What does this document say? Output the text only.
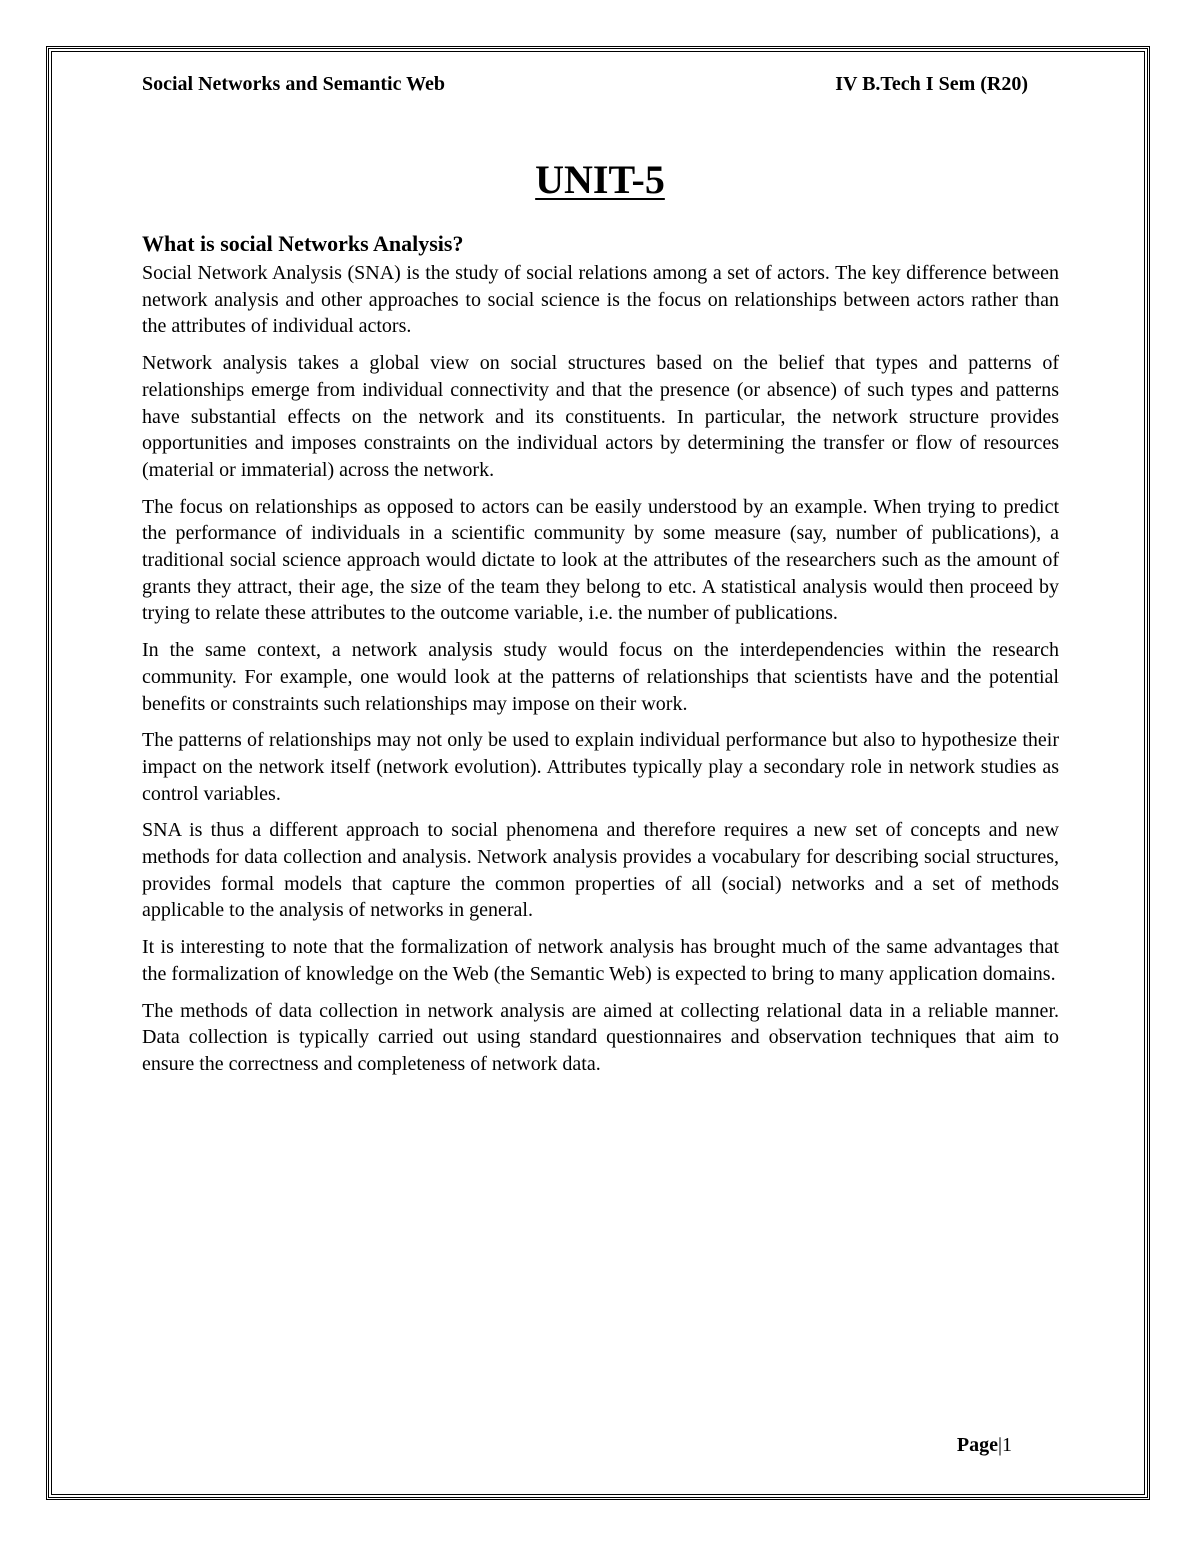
Social Networks and Semantic Web	IV B.Tech I Sem (R20)
UNIT-5
What is social Networks Analysis?

Social Network Analysis (SNA) is the study of social relations among a set of actors. The key difference between network analysis and other approaches to social science is the focus on relationships between actors rather than the attributes of individual actors.

Network analysis takes a global view on social structures based on the belief that types and patterns of relationships emerge from individual connectivity and that the presence (or absence) of such types and patterns have substantial effects on the network and its constituents. In particular, the network structure provides opportunities and imposes constraints on the individual actors by determining the transfer or flow of resources (material or immaterial) across the network.

The focus on relationships as opposed to actors can be easily understood by an example. When trying to predict the performance of individuals in a scientific community by some measure (say, number of publications), a traditional social science approach would dictate to look at the attributes of the researchers such as the amount of grants they attract, their age, the size of the team they belong to etc. A statistical analysis would then proceed by trying to relate these attributes to the outcome variable, i.e. the number of publications.

In the same context, a network analysis study would focus on the interdependencies within the research community. For example, one would look at the patterns of relationships that scientists have and the potential benefits or constraints such relationships may impose on their work.

The patterns of relationships may not only be used to explain individual performance but also to hypothesize their impact on the network itself (network evolution). Attributes typically play a secondary role in network studies as control variables.

SNA is thus a different approach to social phenomena and therefore requires a new set of concepts and new methods for data collection and analysis. Network analysis provides a vocabulary for describing social structures, provides formal models that capture the common properties of all (social) networks and a set of methods applicable to the analysis of networks in general.

It is interesting to note that the formalization of network analysis has brought much of the same advantages that the formalization of knowledge on the Web (the Semantic Web) is expected to bring to many application domains.

The methods of data collection in network analysis are aimed at collecting relational data in a reliable manner. Data collection is typically carried out using standard questionnaires and observation techniques that aim to ensure the correctness and completeness of network data.

Page|1
